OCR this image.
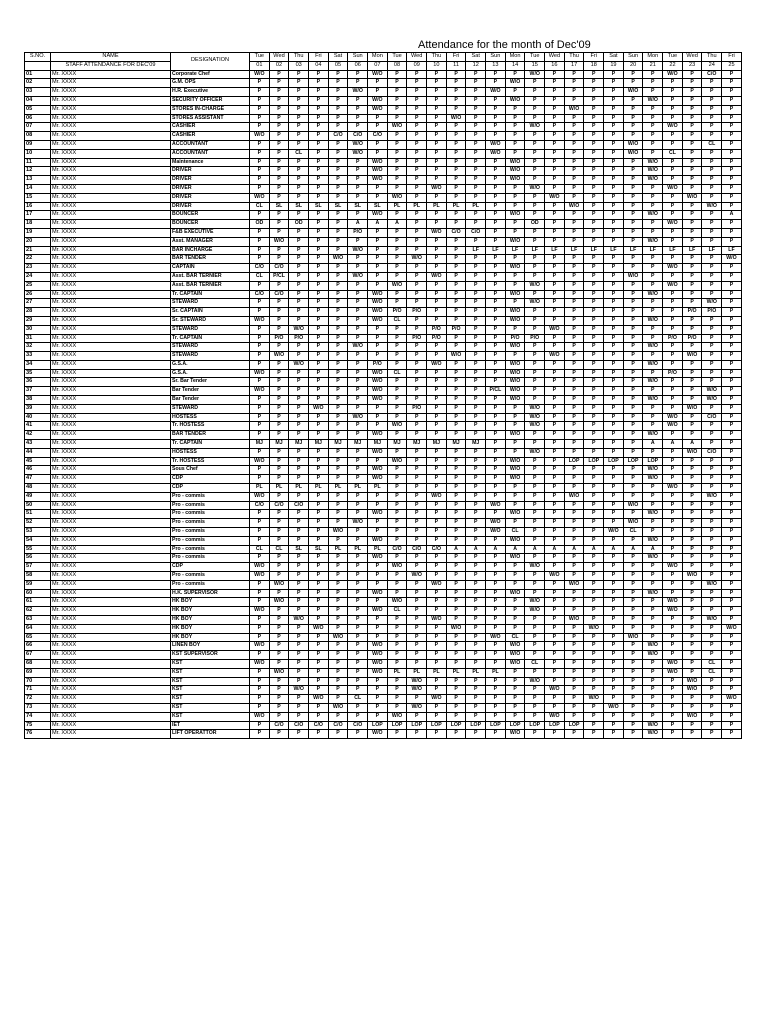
Attendance for the month of Dec'09
S.NO.	NAME	DESIGNATION	Tue	Wed	Thu	Fri	Sat	Sun	Mon	Tue	Wed	Thu	Fri	Sat	Sun	Mon	Tue	Wed	Thu	Fri	Sat	Sun	Mon	Tue	Wed	Thu	Fri
	STAFF ATTENDANCE FOR DEC'09		01	02	03	04	05	06	07	08	09	10	11	12	13	14	15	16	17	18	19	20	21	22	23	24	25
01	Mr. XXXX	Corporate Chef	W/O	P	P	P	P	P	W/O	P	P	P	P	P	P	P	W/O	P	P	P	P	P	P	W/O	P	C/O	P
02	Mr. XXXX	G.M. OPS	P	P	P	P	P	P	P	P	P	P	P	P	P	W/O	P	P	P	P	P	P	P	P	P	P	P
03	Mr. XXXX	H.R. Executive	P	P	P	P	P	W/O	P	P	P	P	P	P	W/O	P	P	P	P	P	P	W/O	P	P	P	P	P
04	Mr. XXXX	SECURITY OFFICER	P	P	P	P	P	P	W/O	P	P	P	P	P	P	W/O	P	P	P	P	P	P	W/O	P	P	P	P
05	Mr. XXXX	STORES IN-CHARGE	P	P	P	P	P	P	W/O	P	P	P	P	P	P	P	P	P	W/O	P	P	P	P	P	P	P	P
06	Mr. XXXX	STORES ASSISTANT	P	P	P	P	P	P	P	P	P	P	W/O	P	P	P	P	P	P	P	P	P	P	P	P	P	P
07	Mr. XXXX	CASHIER	P	P	P	P	P	P	P	W/O	P	P	P	P	P	P	W/O	P	P	P	P	P	P	W/O	P	P	P
08	Mr. XXXX	CASHIER	W/O	P	P	P	C/O	C/O	C/O	P	P	P	P	P	P	P	P	P	P	P	P	P	P	P	P	P	P
09	Mr. XXXX	ACCOUNTANT	P	P	P	P	P	W/O	P	P	P	P	P	P	W/O	P	P	P	P	P	P	W/O	P	P	P	CL	P
10	Mr. XXXX	ACCOUNTANT	P	P	CL	P	P	W/O	P	P	P	P	P	P	W/O	P	P	P	P	P	P	W/O	P	CL	P	P	P
11	Mr. XXXX	Maintenance	P	P	P	P	P	P	W/O	P	P	P	P	P	P	W/O	P	P	P	P	P	P	W/O	P	P	P	P
12	Mr. XXXX	DRIVER	P	P	P	P	P	P	W/O	P	P	P	P	P	P	W/O	P	P	P	P	P	P	W/O	P	P	P	P
13	Mr. XXXX	DRIVER	P	P	P	P	P	P	W/O	P	P	P	P	P	P	W/O	P	P	P	P	P	P	W/O	P	P	P	P
14	Mr. XXXX	DRIVER	P	P	P	P	P	P	P	P	P	W/O	P	P	P	P	W/O	P	P	P	P	P	P	W/O	P	P	P
15	Mr. XXXX	DRIVER	W/O	P	P	P	P	P	P	W/O	P	P	P	P	P	P	P	W/O	P	P	P	P	P	P	W/O	P	P
16	Mr. XXXX	DRIVER	CL	SL	SL	SL	SL	SL	SL	PL	PL	PL	PL	PL	P	P	P	P	W/O	P	P	P	P	P	P	W/O	P
17	Mr. XXXX	BOUNCER	P	P	P	P	P	P	W/O	P	P	P	P	P	P	W/O	P	P	P	P	P	P	W/O	P	P	P	A
18	Mr. XXXX	BOUNCER	OD	P	OD	P	P	A	A	A	P	P	P	P	P	P	OD	P	P	P	P	P	P	W/O	P	P	P
19	Mr. XXXX	F&B EXECUTIVE	P	P	P	P	P	P/O	P	P	P	W/O	C/O	C/O	P	P	P	P	P	P	P	P	P	P	P	P	P
20	Mr. XXXX	Asst. MANAGER	P	W/O	P	P	P	P	P	P	P	P	P	P	P	W/O	P	P	P	P	P	P	W/O	P	P	P	P
21	Mr. XXXX	BAR INCHARGE	P	P	P	P	P	W/O	P	P	P	P	P	LF	LF	LF	LF	LF	LF	LF	LF	LF	LF	LF	LF	LF	LF
22	Mr. XXXX	BAR TENDER	P	P	P	P	W/O	P	P	P	W/O	P	P	P	P	P	P	P	P	P	P	P	P	P	P	P	W/O
23	Mr. XXXX	CAPTAIN	C/O	C/O	P	P	P	P	P	P	P	P	P	P	P	W/O	P	P	P	P	P	P	P	W/O	P	P	P
24	Mr. XXXX	Asst. BAR TERNIER	CL	P/CL	P	P	P	W/O	P	P	P	W/O	P	P	P	P	P	P	P	P	P	W/O	P	P	P	P	P
25	Mr. XXXX	Asst. BAR TERNIER	P	P	P	P	P	P	P	W/O	P	P	P	P	P	P	W/O	P	P	P	P	P	P	W/O	P	P	P
26	Mr. XXXX	Tr. CAPTAIN	C/O	C/O	P	P	P	P	W/O	P	P	P	P	P	P	W/O	P	P	P	P	P	P	W/O	P	P	P	P
27	Mr. XXXX	STEWARD	P	P	P	P	P	P	W/O	P	P	P	P	P	P	P	W/O	P	P	P	P	P	P	P	P	W/O	P
28	Mr. XXXX	Sr. CAPTAIN	P	P	P	P	P	P	W/O	P/O	P/O	P	P	P	P	W/O	P	P	P	P	P	P	P	P	P/O	P/O	P
29	Mr. XXXX	Sr. STEWARD	W/O	P	P	P	P	P	W/O	CL	P	P	P	P	P	W/O	P	P	P	P	P	P	W/O	P	P	P	P
30	Mr. XXXX	STEWARD	P	P	W/O	P	P	P	P	P	P	P/O	P/O	P	P	P	P	W/O	P	P	P	P	P	P	P	P	P
31	Mr. XXXX	Tr. CAPTAIN	P	P/O	P/O	P	P	P	P	P	P/O	P/O	P	P	P	P/O	P/O	P	P	P	P	P	P	P/O	P/O	P	P
32	Mr. XXXX	STEWARD	P	P	P	P	P	W/O	P	P	P	P	P	P	P	W/O	P	P	P	P	P	P	W/O	P	P	P	P
33	Mr. XXXX	STEWARD	P	W/O	P	P	P	P	P	P	P	P	W/O	P	P	P	P	W/O	P	P	P	P	P	P	W/O	P	P
34	Mr. XXXX	G.S.A.	P	P	W/O	P	P	P	P/O	P	P	W/O	P	P	P	W/O	P	P	P	P	P	P	W/O	P	P	P	P
35	Mr. XXXX	G.S.A.	W/O	P	P	P	P	P	W/O	CL	P	P	P	P	P	W/O	P	P	P	P	P	P	P	P/O	P	P	P
36	Mr. XXXX	Sr. Bar Tender	P	P	P	P	P	P	W/O	P	P	P	P	P	P	W/O	P	P	P	P	P	P	W/O	P	P	P	P
37	Mr. XXXX	Bar Tender	W/O	P	P	P	P	P	W/O	P	P	P	P	P	P/CL	W/O	P	P	P	P	P	P	P	P	P	W/O	P
38	Mr. XXXX	Bar Tender	P	P	P	P	P	P	W/O	P	P	P	P	P	P	W/O	P	P	P	P	P	P	W/O	P	P	W/O	P
39	Mr. XXXX	STEWARD	P	P	P	W/O	P	P	P	P	P/O	P	P	P	P	P	W/O	P	P	P	P	P	P	P	W/O	P	P
40	Mr. XXXX	HOSTESS	P	P	P	P	P	W/O	P	P	P	P	P	P	P	P	W/O	P	P	P	P	P	P	W/O	P	C/O	P
41	Mr. XXXX	Tr. HOSTESS	P	P	P	P	P	P	P	W/O	P	P	P	P	P	P	W/O	P	P	P	P	P	P	W/O	P	P	P
42	Mr. XXXX	BAR TENDER	P	P	P	P	P	P	W/O	P	P	P	P	P	P	W/O	P	P	P	P	P	P	W/O	P	P	P	P
43	Mr. XXXX	Tr. CAPTAIN	MJ	MJ	MJ	MJ	MJ	MJ	MJ	MJ	MJ	MJ	MJ	MJ	P	P	P	P	P	P	P	P	A	A	A	P	P
44	Mr. XXXX	HOSTESS	P	P	P	P	P	P	W/O	P	P	P	P	P	P	P	W/O	P	P	P	P	P	P	P	W/O	C/O	P
45	Mr. XXXX	Tr. HOSTESS	W/O	P	P	P	P	P	P	W/O	P	P	P	P	P	W/O	P	P	LOP	LOP	LOP	LOP	LOP	P	P	P	P
46	Mr. XXXX	Sous Chef	P	P	P	P	P	P	W/O	P	P	P	P	P	P	W/O	P	P	P	P	P	P	W/O	P	P	P	P
47	Mr. XXXX	CDP	P	P	P	P	P	P	W/O	P	P	P	P	P	P	W/O	P	P	P	P	P	P	W/O	P	P	P	P
48	Mr. XXXX	CDP	PL	PL	PL	PL	PL	PL	PL	P	P	P	P	P	P	P	P	P	P	P	P	P	P	W/O	P	P	P
49	Mr. XXXX	Pro - commis	W/O	P	P	P	P	P	P	P	P	W/O	P	P	P	P	P	P	W/O	P	P	P	P	P	P	W/O	P
50	Mr. XXXX	Pro - commis	C/O	C/O	C/O	P	P	P	P	P	P	P	P	P	W/O	P	P	P	P	P	P	W/O	P	P	P	P	P
51	Mr. XXXX	Pro - commis	P	P	P	P	P	P	W/O	P	P	P	P	P	P	W/O	P	P	P	P	P	P	W/O	P	P	P	P
52	Mr. XXXX	Pro - commis	P	P	P	P	P	W/O	P	P	P	P	P	P	W/O	P	P	P	P	P	P	W/O	P	P	P	P	P
53	Mr. XXXX	Pro - commis	P	P	P	P	W/O	P	P	P	P	P	P	P	W/O	CL	P	P	P	P	W/O	CL	P	P	P	P	P
54	Mr. XXXX	Pro - commis	P	P	P	P	P	P	W/O	P	P	P	P	P	P	W/O	P	P	P	P	P	P	W/O	P	P	P	P
55	Mr. XXXX	Pro - commis	CL	CL	SL	SL	PL	PL	PL	C/O	C/O	C/O	A	A	A	A	A	A	A	A	A	A	A	P	P	P	P
56	Mr. XXXX	Pro - commis	P	P	P	P	P	P	W/O	P	P	P	P	P	P	W/O	P	P	P	P	P	P	W/O	P	P	P	P
57	Mr. XXXX	CDP	W/O	P	P	P	P	P	P	W/O	P	P	P	P	P	P	W/O	P	P	P	P	P	P	W/O	P	P	P
58	Mr. XXXX	Pro - commis	W/O	P	P	P	P	P	P	P	W/O	P	P	P	P	P	P	W/O	P	P	P	P	P	P	W/O	P	P
59	Mr. XXXX	Pro - commis	P	W/O	P	P	P	P	P	P	P	W/O	P	P	P	P	P	P	W/O	P	P	P	P	P	P	W/O	P
60	Mr. XXXX	H.K. SUPERVISOR	P	P	P	P	P	P	W/O	P	P	P	P	P	P	W/O	P	P	P	P	P	P	W/O	P	P	P	P
61	Mr. XXXX	HK BOY	P	W/O	P	P	P	P	P	W/O	P	P	P	P	P	P	W/O	P	P	P	P	P	P	W/O	P	P	P
62	Mr. XXXX	HK BOY	W/O	P	P	P	P	P	W/O	CL	P	P	P	P	P	P	W/O	P	P	P	P	P	P	W/O	P	P	P
63	Mr. XXXX	HK BOY	P	P	W/O	P	P	P	P	P	P	W/O	P	P	P	P	P	P	W/O	P	P	P	P	P	P	W/O	P
64	Mr. XXXX	HK BOY	P	P	P	W/O	P	P	P	P	P	P	W/O	P	P	P	P	P	P	W/O	P	P	P	P	P	P	W/O
65	Mr. XXXX	HK BOY	P	P	P	P	W/O	P	P	P	P	P	P	P	W/O	CL	P	P	P	P	P	W/O	P	P	P	P	P
66	Mr. XXXX	LINEN BOY	W/O	P	P	P	P	P	W/O	P	P	P	P	P	P	W/O	P	P	P	P	P	P	W/O	P	P	P	P
67	Mr. XXXX	KST SUPERVISOR	P	P	P	P	P	P	W/O	P	P	P	P	P	P	W/O	P	P	P	P	P	P	W/O	P	P	P	P
68	Mr. XXXX	KST	W/O	P	P	P	P	P	W/O	P	P	P	P	P	P	W/O	CL	P	P	P	P	P	P	W/O	P	CL	P
69	Mr. XXXX	KST	P	W/O	P	P	P	P	W/O	PL	PL	PL	PL	PL	PL	P	P	P	P	P	P	P	P	W/O	P	CL	P
70	Mr. XXXX	KST	P	P	P	P	P	P	P	P	W/O	P	P	P	P	P	W/O	P	P	P	P	P	P	P	W/O	P	P
71	Mr. XXXX	KST	P	P	W/O	P	P	P	P	P	W/O	P	P	P	P	P	P	W/O	P	P	P	P	P	P	W/O	P	P
72	Mr. XXXX	KST	P	P	P	W/O	P	CL	P	P	P	W/O	P	P	P	P	P	P	P	W/O	P	P	P	P	P	P	W/O
73	Mr. XXXX	KST	P	P	P	P	W/O	P	P	P	W/O	P	P	P	P	P	P	P	P	P	W/O	P	P	P	P	P	P
74	Mr. XXXX	KST	W/O	P	P	P	P	P	P	W/O	P	P	P	P	P	P	P	W/O	P	P	P	P	P	P	W/O	P	P
75	Mr. XXXX	IET	P	C/O	C/O	C/O	C/O	C/O	LOP	LOP	LOP	LOP	LOP	LOP	LOP	LOP	LOP	LOP	LOP	P	P	P	W/O	P	P	P	P
76	Mr. XXXX	LIFT OPERATTOR	P	P	P	P	P	P	W/O	P	P	P	P	P	P	W/O	P	P	P	P	P	P	W/O	P	P	P	P
